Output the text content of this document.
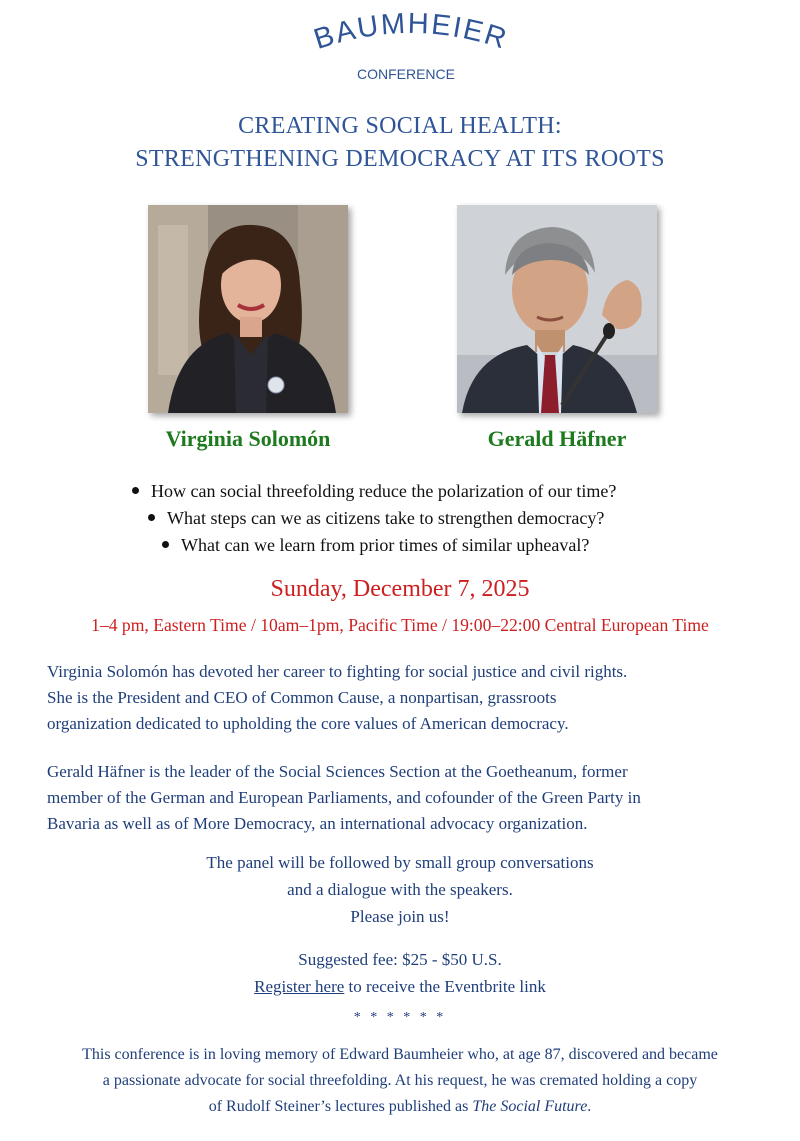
BAUMHEIER
CONFERENCE
CREATING SOCIAL HEALTH:
STRENGTHENING DEMOCRACY AT ITS ROOTS
Virginia Solomón	Gerald Häfner
How can social threefolding reduce the polarization of our time?
What steps can we as citizens take to strengthen democracy?
What can we learn from prior times of similar upheaval?
Sunday, December 7, 2025
1–4 pm, Eastern Time / 10am–1pm, Pacific Time / 19:00–22:00 Central European Time
Virginia Solomón has devoted her career to fighting for social justice and civil rights.
She is the President and CEO of Common Cause, a nonpartisan, grassroots
organization dedicated to upholding the core values of American democracy.
Gerald Häfner is the leader of the Social Sciences Section at the Goetheanum, former
member of the German and European Parliaments, and cofounder of the Green Party in
Bavaria as well as of More Democracy, an international advocacy organization.
The panel will be followed by small group conversations
and a dialogue with the speakers.
Please join us!
Suggested fee: $25 - $50 U.S.
Register here to receive the Eventbrite link
* * * * * *
This conference is in loving memory of Edward Baumheier who, at age 87, discovered and became
a passionate advocate for social threefolding. At his request, he was cremated holding a copy
of Rudolf Steiner’s lectures published as The Social Future.
